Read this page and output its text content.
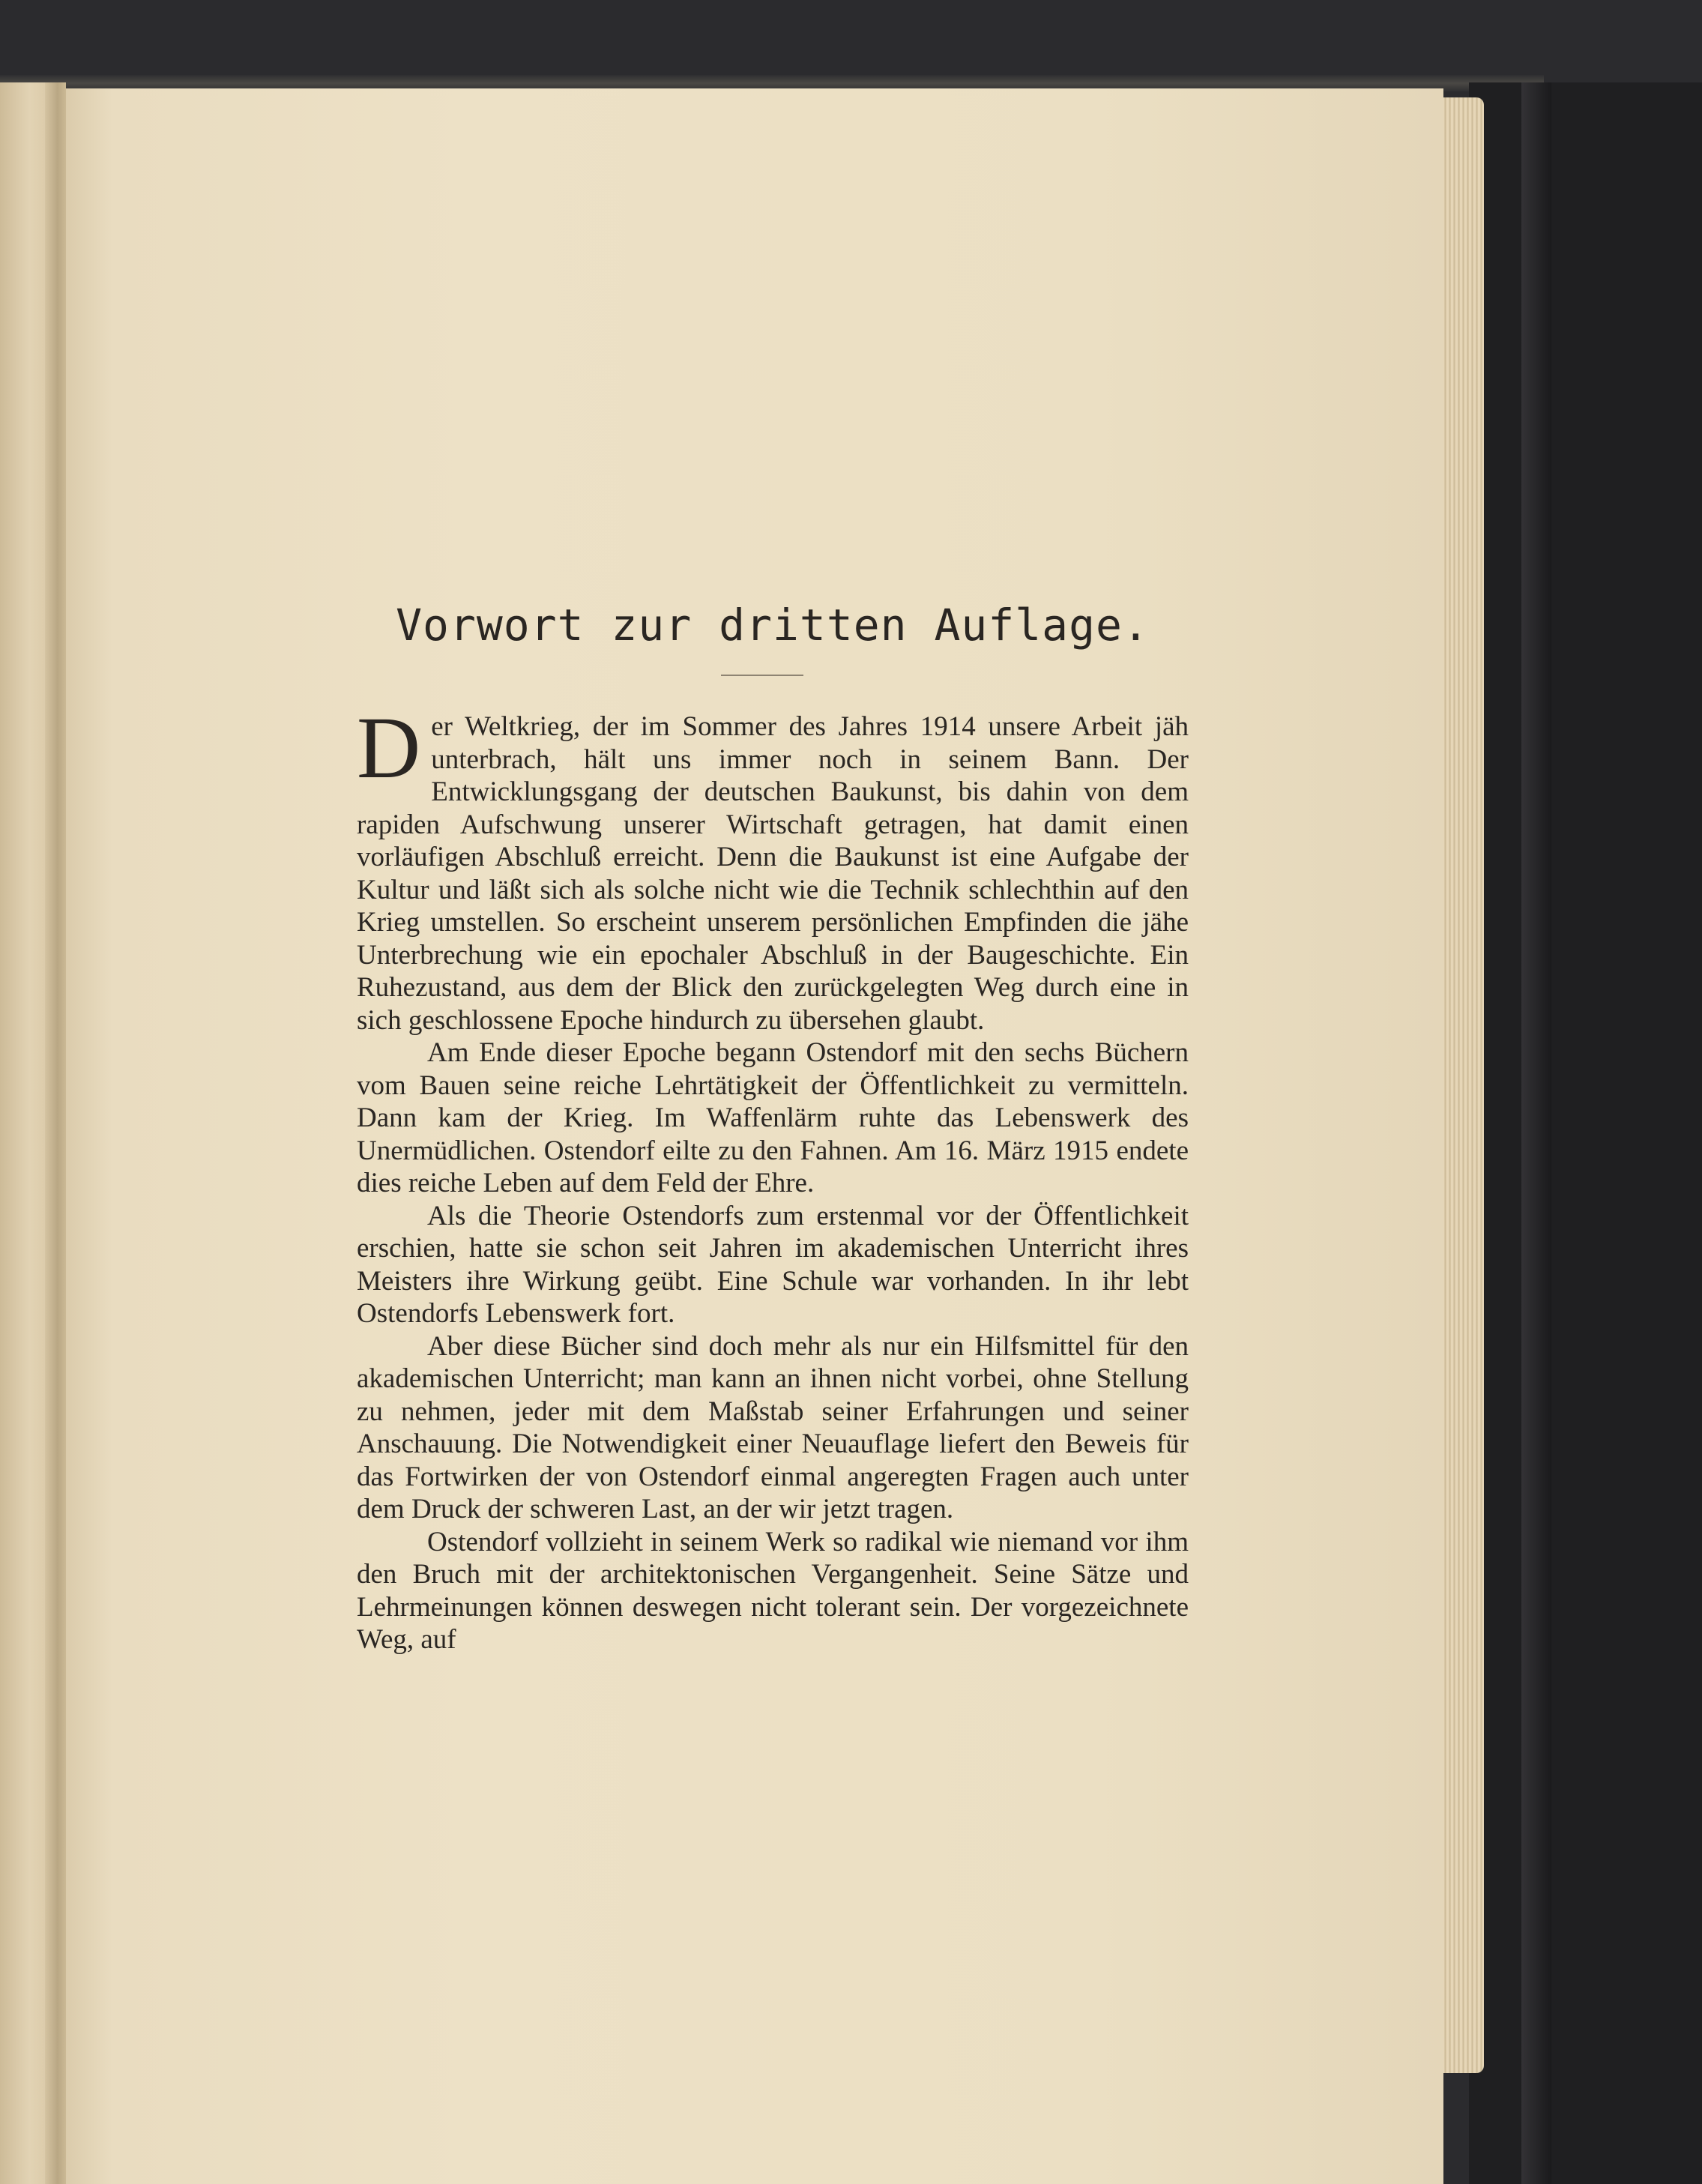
Vorwort zur dritten Auflage.

Der Weltkrieg, der im Sommer des Jahres 1914 unsere Arbeit jäh unterbrach, hält uns immer noch in seinem Bann. Der Entwicklungsgang der deutschen Baukunst, bis dahin von dem rapiden Aufschwung unserer Wirtschaft getragen, hat damit einen vorläufigen Abschluß erreicht. Denn die Baukunst ist eine Aufgabe der Kultur und läßt sich als solche nicht wie die Technik schlechthin auf den Krieg umstellen. So erscheint unserem persönlichen Empfinden die jähe Unterbrechung wie ein epochaler Abschluß in der Baugeschichte. Ein Ruhezustand, aus dem der Blick den zurückgelegten Weg durch eine in sich geschlossene Epoche hindurch zu übersehen glaubt.

Am Ende dieser Epoche begann Ostendorf mit den sechs Büchern vom Bauen seine reiche Lehrtätigkeit der Öffentlichkeit zu vermitteln. Dann kam der Krieg. Im Waffenlärm ruhte das Lebenswerk des Unermüdlichen. Ostendorf eilte zu den Fahnen. Am 16. März 1915 endete dies reiche Leben auf dem Feld der Ehre.

Als die Theorie Ostendorfs zum erstenmal vor der Öffentlichkeit erschien, hatte sie schon seit Jahren im akademischen Unterricht ihres Meisters ihre Wirkung geübt. Eine Schule war vorhanden. In ihr lebt Ostendorfs Lebenswerk fort.

Aber diese Bücher sind doch mehr als nur ein Hilfsmittel für den akademischen Unterricht; man kann an ihnen nicht vorbei, ohne Stellung zu nehmen, jeder mit dem Maßstab seiner Erfahrungen und seiner Anschauung. Die Notwendigkeit einer Neuauflage liefert den Beweis für das Fortwirken der von Ostendorf einmal angeregten Fragen auch unter dem Druck der schweren Last, an der wir jetzt tragen.

Ostendorf vollzieht in seinem Werk so radikal wie niemand vor ihm den Bruch mit der architektonischen Vergangenheit. Seine Sätze und Lehrmeinungen können deswegen nicht tolerant sein. Der vorgezeichnete Weg, auf
